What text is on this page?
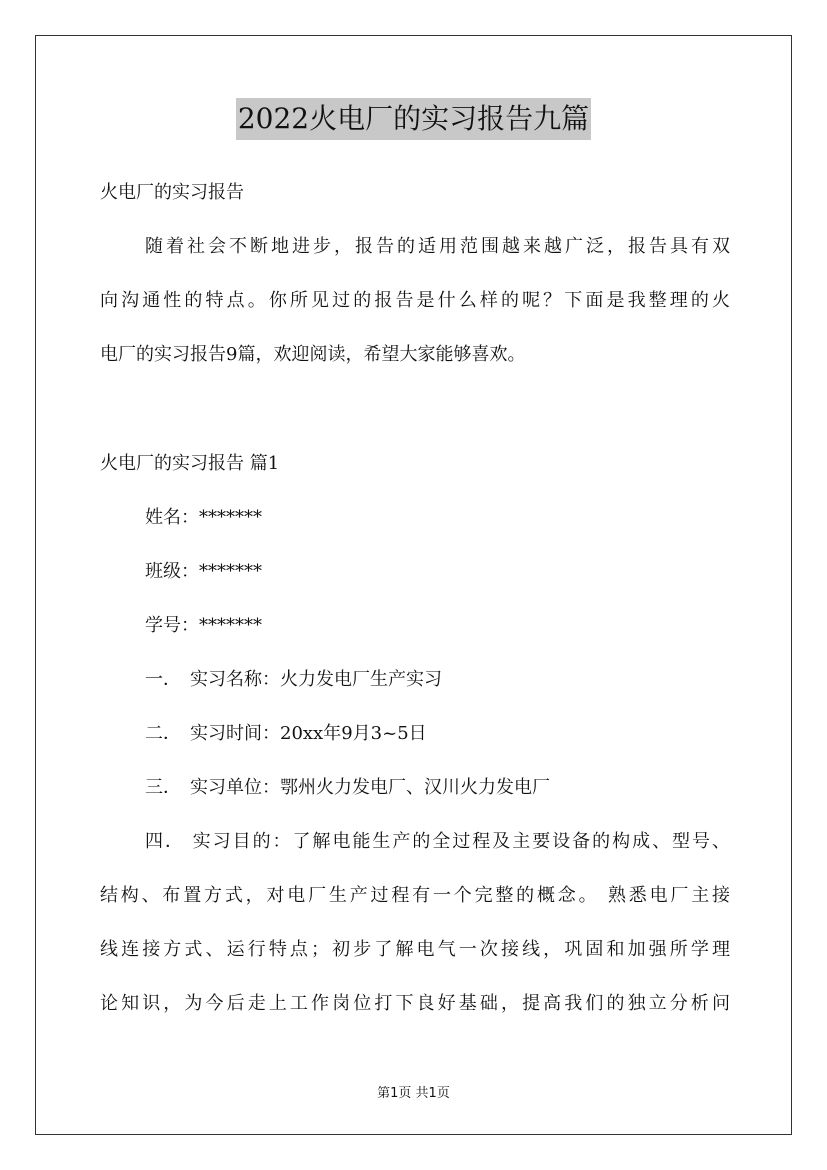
2022火电厂的实习报告九篇
火电厂的实习报告
随着社会不断地进步，报告的适用范围越来越广泛，报告具有双
向沟通性的特点。你所见过的报告是什么样的呢？下面是我整理的火
电厂的实习报告9篇，欢迎阅读，希望大家能够喜欢。
火电厂的实习报告 篇1
姓名：*******
班级：*******
学号：*******
一．　实习名称：火力发电厂生产实习
二．　实习时间：20xx年9月3~5日
三．　实习单位：鄂州火力发电厂、汉川火力发电厂
四． 实习目的：了解电能生产的全过程及主要设备的构成、型号、
结构、布置方式，对电厂生产过程有一个完整的概念。 熟悉电厂主接
线连接方式、运行特点；初步了解电气一次接线，巩固和加强所学理
论知识，为今后走上工作岗位打下良好基础，提高我们的独立分析问
第1页 共1页
